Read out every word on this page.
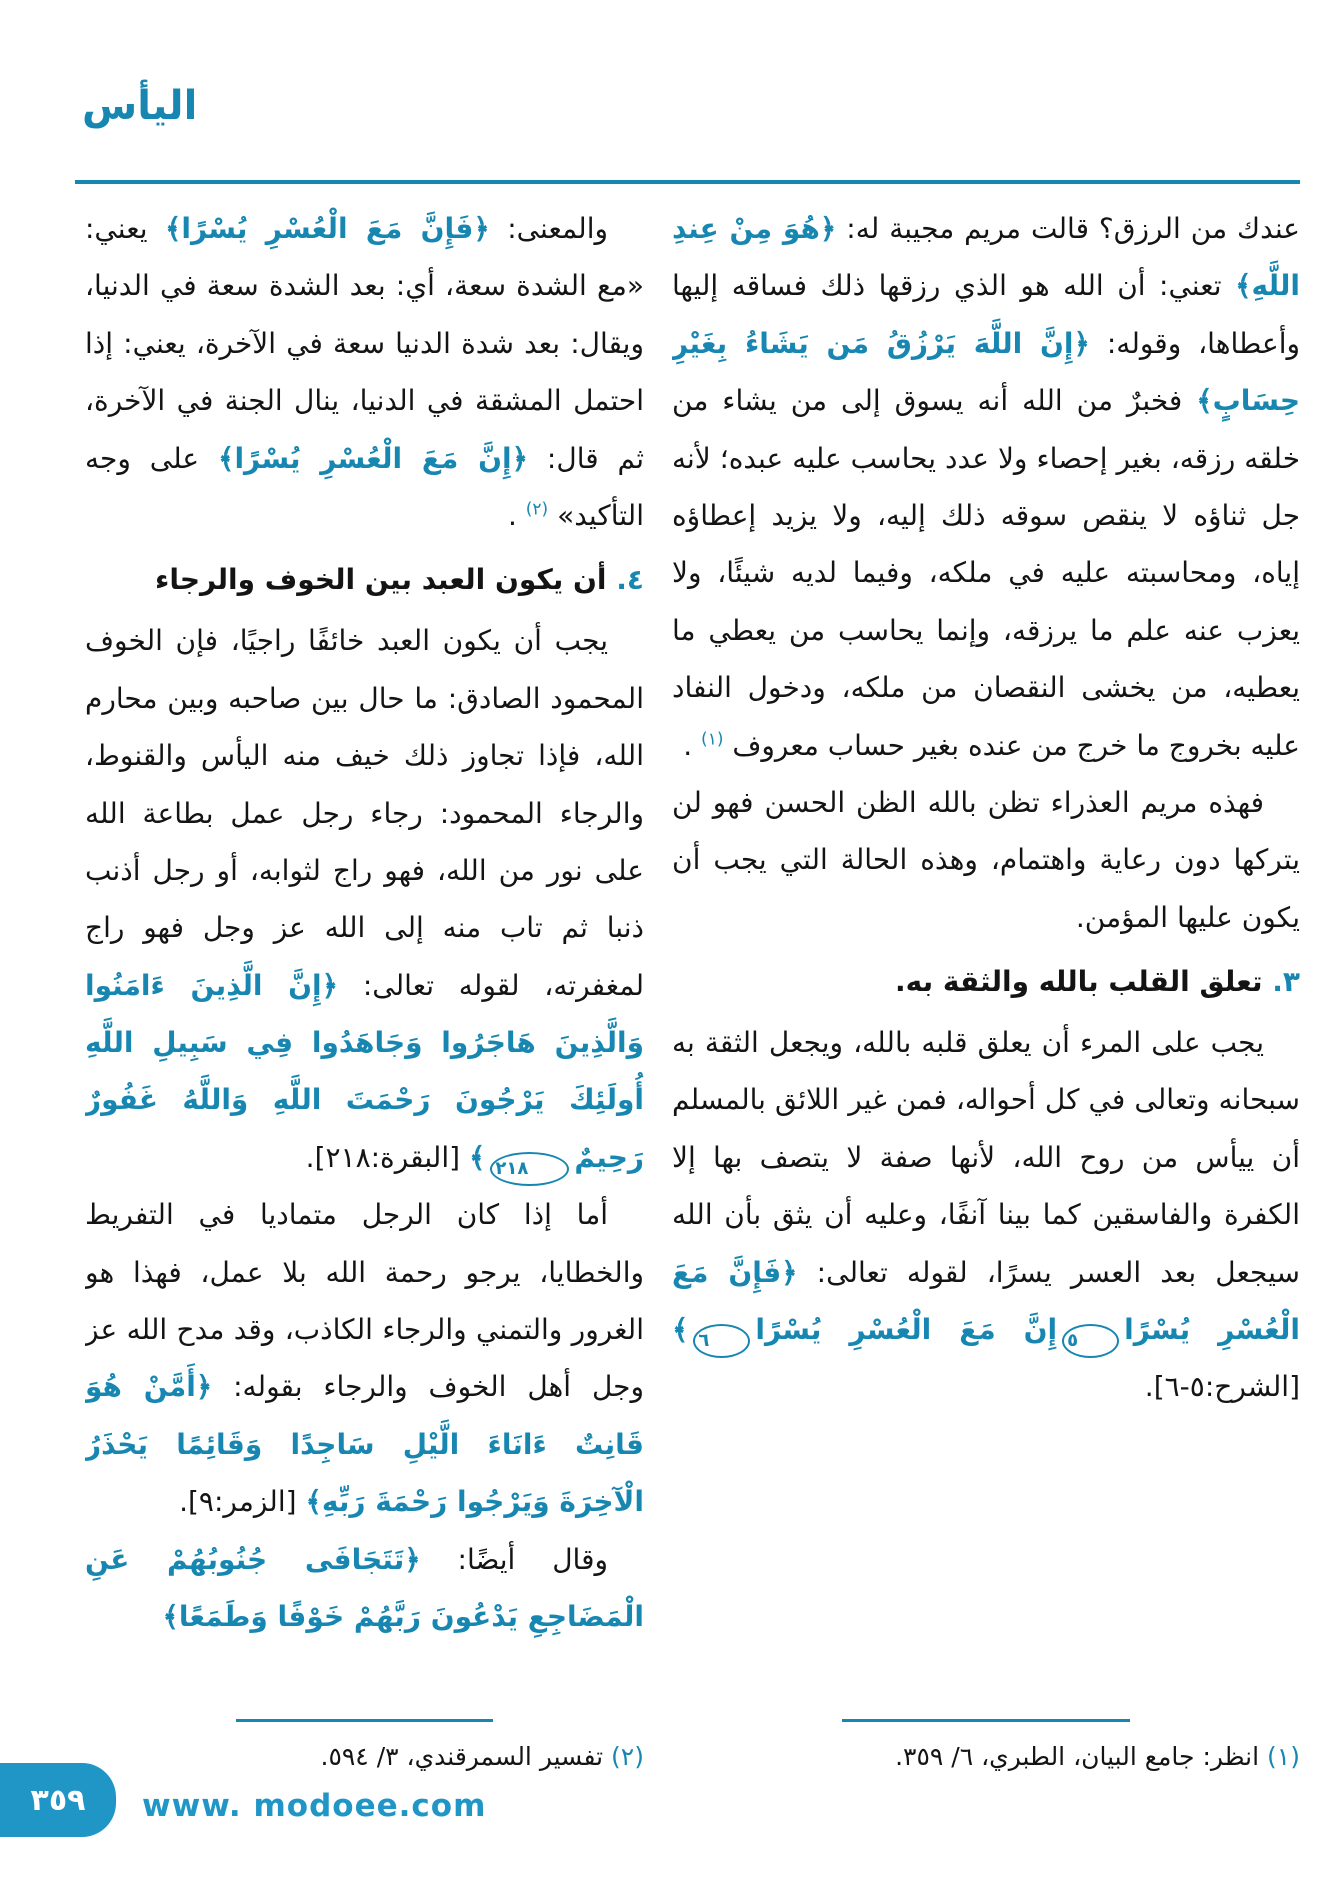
اليأس

عندك من الرزق؟ قالت مريم مجيبة له: ﴿هُوَ مِنْ عِندِ اللَّهِ﴾ تعني: أن الله هو الذي رزقها ذلك فساقه إليها وأعطاها، وقوله: ﴿إِنَّ اللَّهَ يَرْزُقُ مَن يَشَاءُ بِغَيْرِ حِسَابٍ﴾ فخبرٌ من الله أنه يسوق إلى من يشاء من خلقه رزقه، بغير إحصاء ولا عدد يحاسب عليه عبده؛ لأنه جل ثناؤه لا ينقص سوقه ذلك إليه، ولا يزيد إعطاؤه إياه، ومحاسبته عليه في ملكه، وفيما لديه شيئًا، ولا يعزب عنه علم ما يرزقه، وإنما يحاسب من يعطي ما يعطيه، من يخشى النقصان من ملكه، ودخول النفاد عليه بخروج ما خرج من عنده بغير حساب معروف $^{(١)}$ .

فهذه مريم العذراء تظن بالله الظن الحسن فهو لن يتركها دون رعاية واهتمام، وهذه الحالة التي يجب أن يكون عليها المؤمن.

٣. تعلق القلب بالله والثقة به.

يجب على المرء أن يعلق قلبه بالله، ويجعل الثقة به سبحانه وتعالى في كل أحواله، فمن غير اللائق بالمسلم أن ييأس من روح الله، لأنها صفة لا يتصف بها إلا الكفرة والفاسقين كما بينا آنفًا، وعليه أن يثق بأن الله سيجعل بعد العسر يسرًا، لقوله تعالى: ﴿فَإِنَّ مَعَ الْعُسْرِ يُسْرًا٥إِنَّ مَعَ الْعُسْرِ يُسْرًا٦﴾ [الشرح:٥-٦].

(١) انظر: جامع البيان، الطبري، ٦/ ٣٥٩.

والمعنى: ﴿فَإِنَّ مَعَ الْعُسْرِ يُسْرًا﴾ يعني: «مع الشدة سعة، أي: بعد الشدة سعة في الدنيا، ويقال: بعد شدة الدنيا سعة في الآخرة، يعني: إذا احتمل المشقة في الدنيا، ينال الجنة في الآخرة، ثم قال: ﴿إِنَّ مَعَ الْعُسْرِ يُسْرًا﴾ على وجه التأكيد» $^{(٢)}$ .

٤. أن يكون العبد بين الخوف والرجاء

يجب أن يكون العبد خائفًا راجيًا، فإن الخوف المحمود الصادق: ما حال بين صاحبه وبين محارم الله، فإذا تجاوز ذلك خيف منه اليأس والقنوط، والرجاء المحمود: رجاء رجل عمل بطاعة الله على نور من الله، فهو راج لثوابه، أو رجل أذنب ذنبا ثم تاب منه إلى الله عز وجل فهو راج لمغفرته، لقوله تعالى: ﴿إِنَّ الَّذِينَ ءَامَنُوا وَالَّذِينَ هَاجَرُوا وَجَاهَدُوا فِي سَبِيلِ اللَّهِ أُولَئِكَ يَرْجُونَ رَحْمَتَ اللَّهِ وَاللَّهُ غَفُورٌ رَحِيمٌ٢١٨﴾ [البقرة:٢١٨].

أما إذا كان الرجل متماديا في التفريط والخطايا، يرجو رحمة الله بلا عمل، فهذا هو الغرور والتمني والرجاء الكاذب، وقد مدح الله عز وجل أهل الخوف والرجاء بقوله: ﴿أَمَّنْ هُوَ قَانِتٌ ءَانَاءَ الَّيْلِ سَاجِدًا وَقَائِمًا يَحْذَرُ الْآخِرَةَ وَيَرْجُوا رَحْمَةَ رَبِّهِ﴾ [الزمر:٩].

وقال أيضًا: ﴿تَتَجَافَى جُنُوبُهُمْ عَنِ الْمَضَاجِعِ يَدْعُونَ رَبَّهُمْ خَوْفًا وَطَمَعًا﴾

(٢) تفسير السمرقندي، ٣/ ٥٩٤.

٣٥٩ www. modoee.com
